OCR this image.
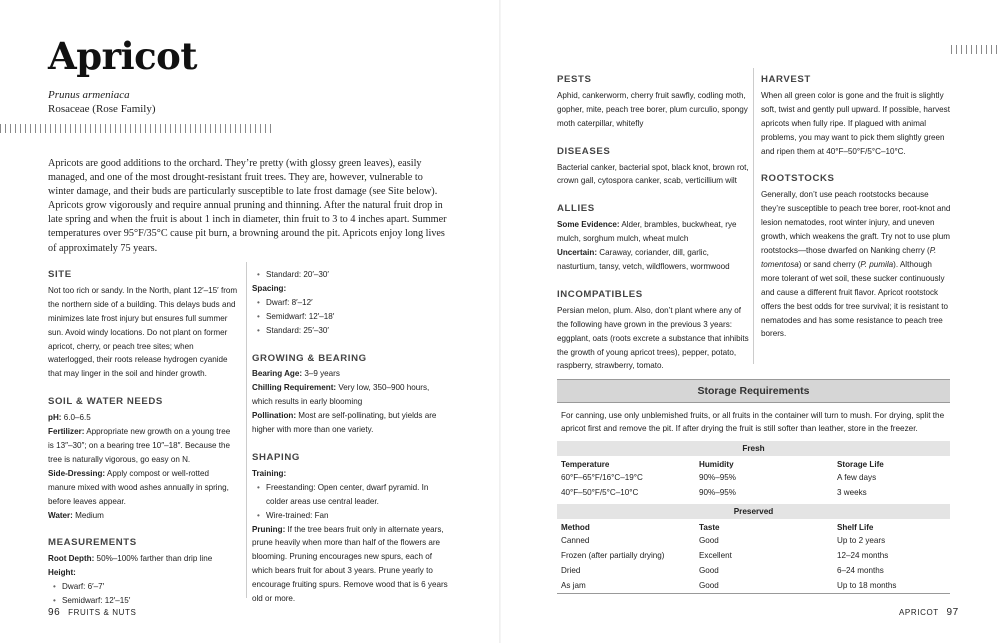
Apricot
Prunus armeniaca
Rosaceae (Rose Family)

Apricots are good additions to the orchard. They’re pretty (with glossy green leaves), easily managed, and one of the most drought-resistant fruit trees. They are, however, vulnerable to winter damage, and their buds are particularly susceptible to late frost damage (see Site below). Apricots grow vigorously and require annual pruning and thinning. After the natural fruit drop in late spring and when the fruit is about 1 inch in diameter, thin fruit to 3 to 4 inches apart. Summer temperatures over 95°F/35°C cause pit burn, a browning around the pit. Apricots enjoy long lives of approximately 75 years.

SITE

Not too rich or sandy. In the North, plant 12′–15′ from the northern side of a building. This delays buds and minimizes late frost injury but ensures full summer sun. Avoid windy locations. Do not plant on former apricot, cherry, or peach tree sites; when waterlogged, their roots release hydrogen cyanide that may linger in the soil and hinder growth.

SOIL & WATER NEEDS

pH: 6.0–6.5

Fertilizer: Appropriate new growth on a young tree is 13″–30″; on a bearing tree 10″–18″. Because the tree is naturally vigorous, go easy on N.

Side-Dressing: Apply compost or well-rotted manure mixed with wood ashes annually in spring, before leaves appear.

Water: Medium

MEASUREMENTS

Root Depth: 50%–100% farther than drip line

Height:

• Dwarf: 6′–7′

• Semidwarf: 12′–15′

• Standard: 20′–30′

Spacing:

• Dwarf: 8′–12′

• Semidwarf: 12′–18′

• Standard: 25′–30′

GROWING & BEARING

Bearing Age: 3–9 years

Chilling Requirement: Very low, 350–900 hours, which results in early blooming

Pollination: Most are self-pollinating, but yields are higher with more than one variety.

SHAPING

Training:

• Freestanding: Open center, dwarf pyramid. In colder areas use central leader.

• Wire-trained: Fan

Pruning: If the tree bears fruit only in alternate years, prune heavily when more than half of the flowers are blooming. Pruning encourages new spurs, each of which bears fruit for about 3 years. Prune yearly to encourage fruiting spurs. Remove wood that is 6 years old or more.

96 FRUITS & NUTS

PESTS

Aphid, cankerworm, cherry fruit sawfly, codling moth, gopher, mite, peach tree borer, plum curculio, spongy moth caterpillar, whitefly

DISEASES

Bacterial canker, bacterial spot, black knot, brown rot, crown gall, cytospora canker, scab, verticillium wilt

ALLIES

Some Evidence: Alder, brambles, buckwheat, rye mulch, sorghum mulch, wheat mulch

Uncertain: Caraway, coriander, dill, garlic, nasturtium, tansy, vetch, wildflowers, wormwood

INCOMPATIBLES

Persian melon, plum. Also, don’t plant where any of the following have grown in the previous 3 years: eggplant, oats (roots excrete a substance that inhibits the growth of young apricot trees), pepper, potato, raspberry, strawberry, tomato.

HARVEST

When all green color is gone and the fruit is slightly soft, twist and gently pull upward. If possible, harvest apricots when fully ripe. If plagued with animal problems, you may want to pick them slightly green and ripen them at 40°F–50°F/5°C–10°C.

ROOTSTOCKS

Generally, don’t use peach rootstocks because they’re susceptible to peach tree borer, root-knot and lesion nematodes, root winter injury, and uneven growth, which weakens the graft. Try not to use plum rootstocks—those dwarfed on Nanking cherry (P. tomentosa) or sand cherry (P. pumila). Although more tolerant of wet soil, these sucker continuously and cause a different fruit flavor. Apricot rootstock offers the best odds for tree survival; it is resistant to nematodes and has some resistance to peach tree borers.

Storage Requirements
For canning, use only unblemished fruits, or all fruits in the container will turn to mush. For drying, split the apricot first and remove the pit. If after drying the fruit is still softer than leather, store in the freezer.
Fresh
Temperature	Humidity	Storage Life
60°F–65°F/16°C–19°C	90%–95%	A few days
40°F–50°F/5°C–10°C	90%–95%	3 weeks
Preserved
Method	Taste	Shelf Life
Canned	Good	Up to 2 years
Frozen (after partially drying)	Excellent	12–24 months
Dried	Good	6–24 months
As jam	Good	Up to 18 months
APRICOT 97
